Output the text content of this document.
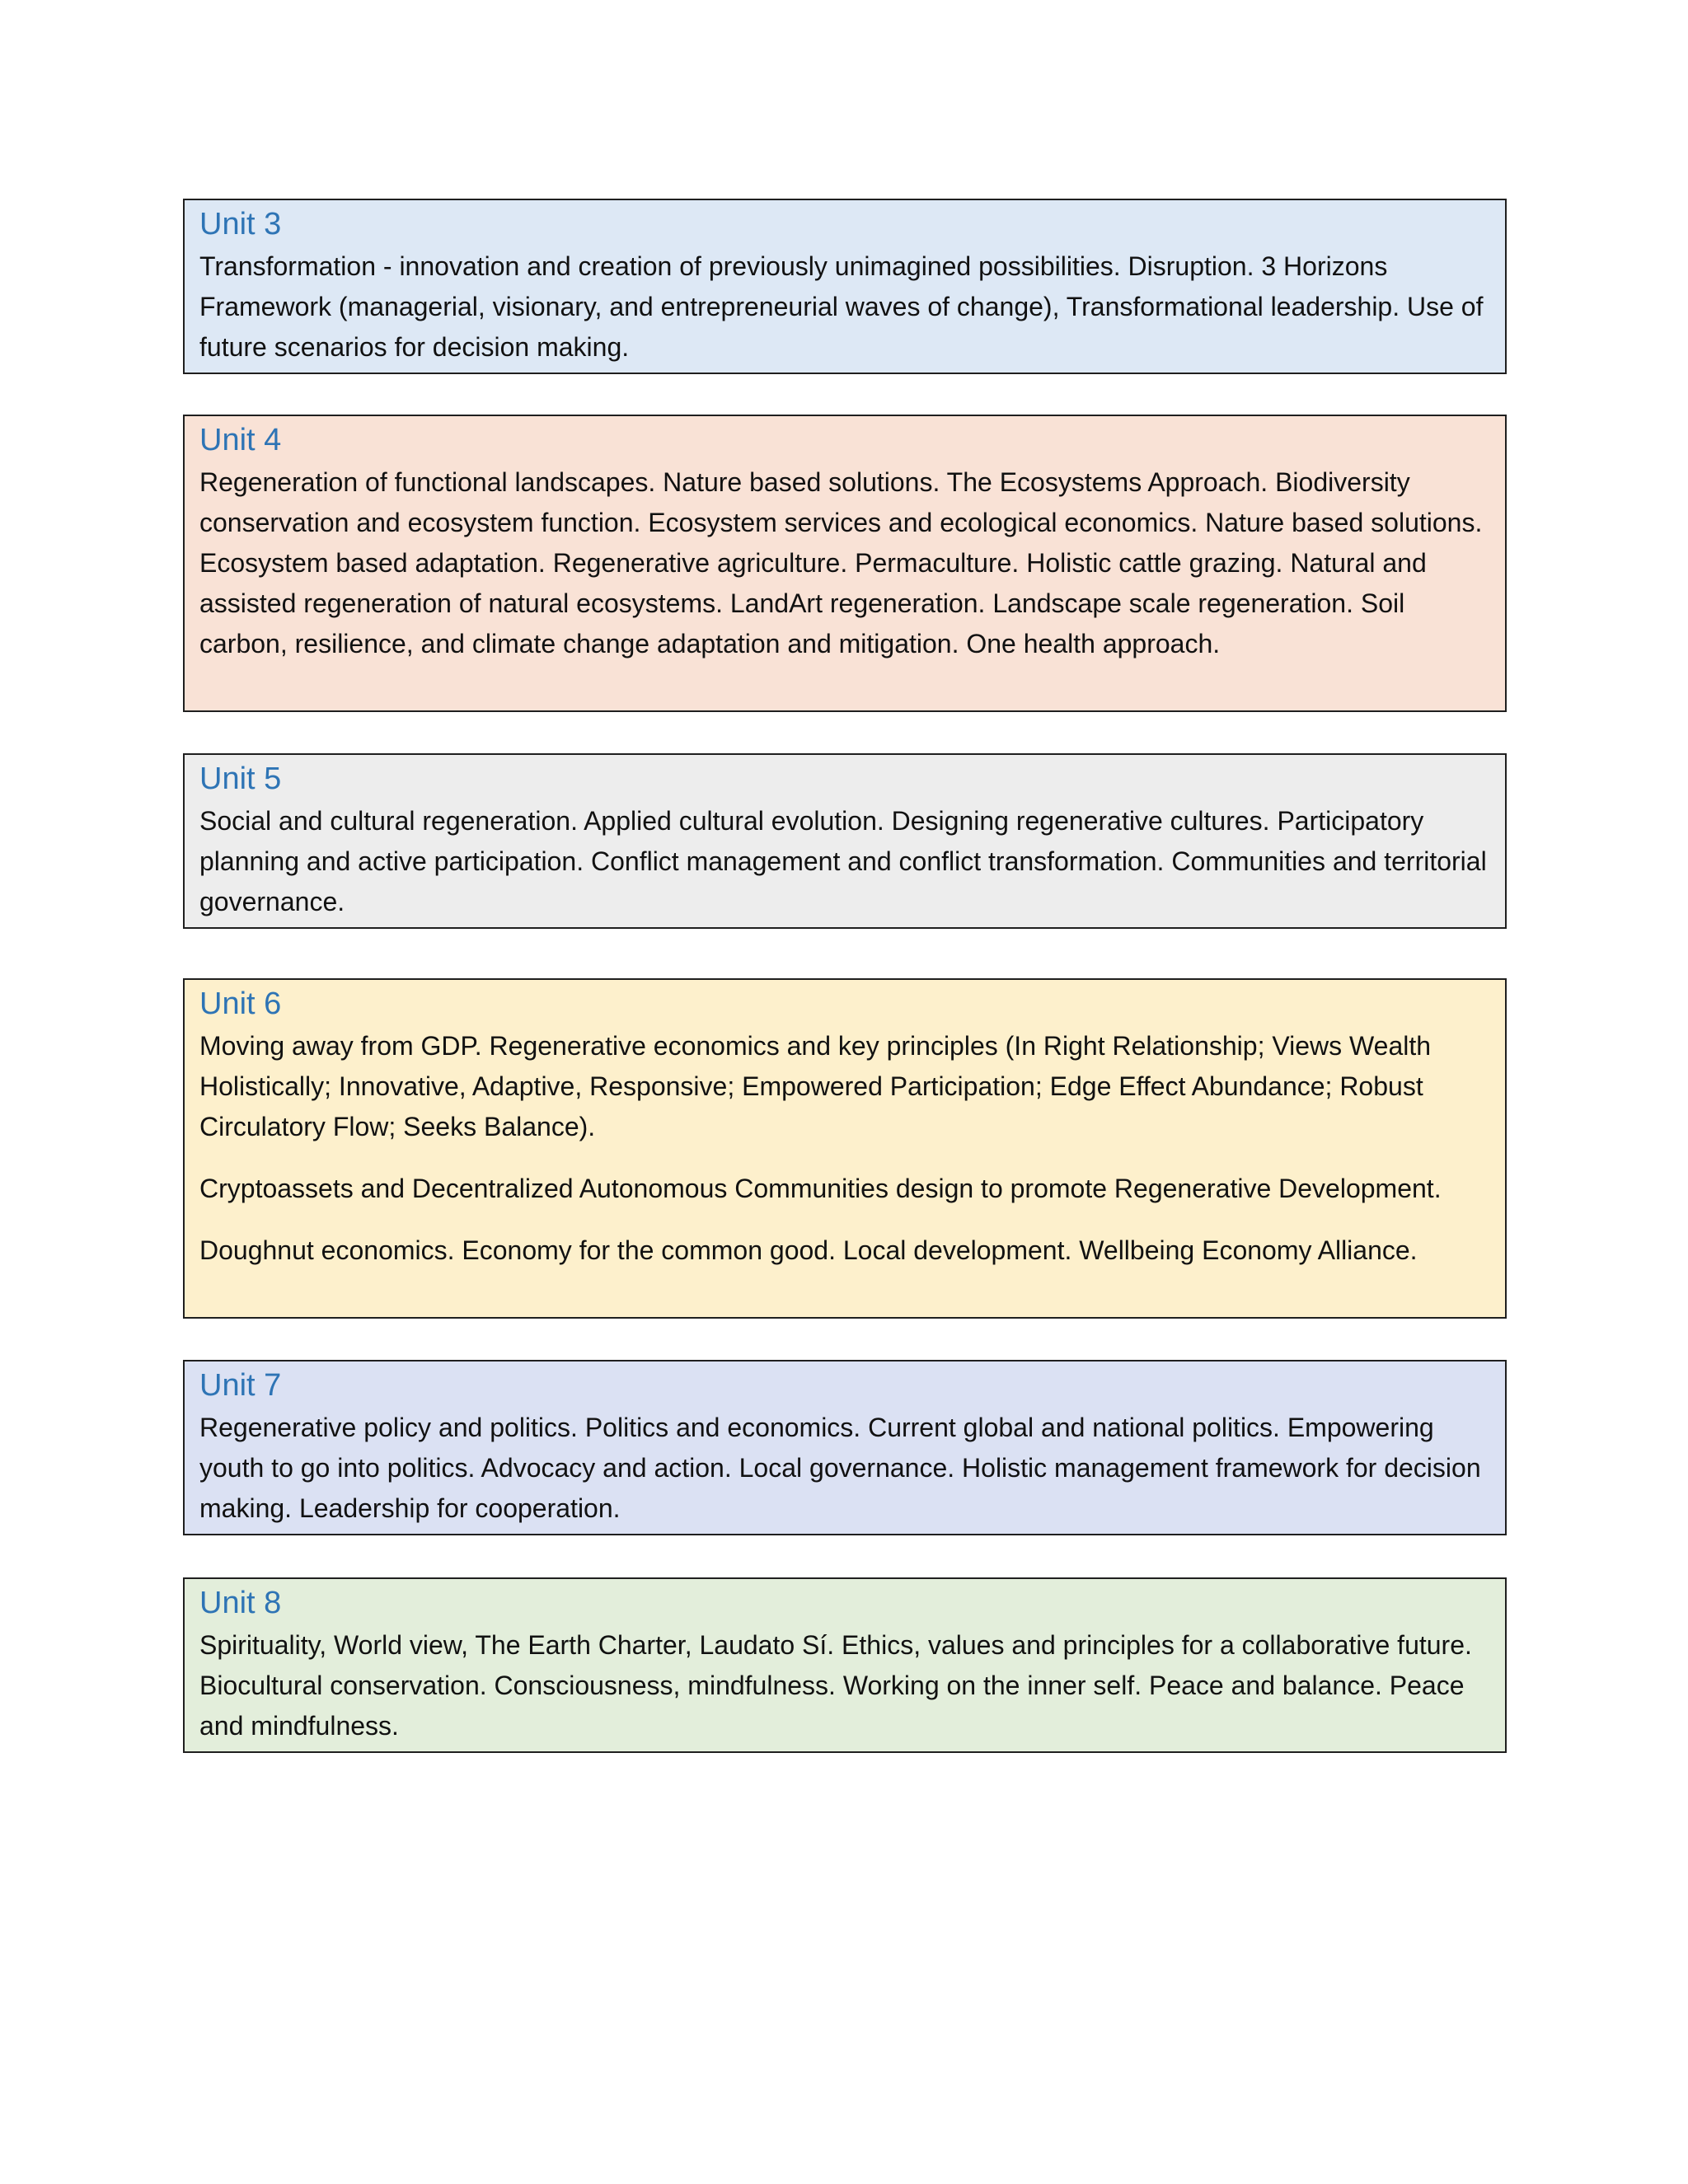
Unit 3

Transformation - innovation and creation of previously unimagined possibilities. Disruption. 3 Horizons Framework (managerial, visionary, and entrepreneurial waves of change), Transformational leadership. Use of future scenarios for decision making.

Unit 4

Regeneration of functional landscapes. Nature based solutions. The Ecosystems Approach. Biodiversity conservation and ecosystem function. Ecosystem services and ecological economics. Nature based solutions. Ecosystem based adaptation. Regenerative agriculture. Permaculture. Holistic cattle grazing. Natural and assisted regeneration of natural ecosystems. LandArt regeneration. Landscape scale regeneration. Soil carbon, resilience, and climate change adaptation and mitigation. One health approach.

Unit 5

Social and cultural regeneration. Applied cultural evolution. Designing regenerative cultures. Participatory planning and active participation. Conflict management and conflict transformation. Communities and territorial governance.

Unit 6

Moving away from GDP. Regenerative economics and key principles (In Right Relationship; Views Wealth Holistically; Innovative, Adaptive, Responsive; Empowered Participation; Edge Effect Abundance; Robust Circulatory Flow; Seeks Balance).

Cryptoassets and Decentralized Autonomous Communities design to promote Regenerative Development.

Doughnut economics. Economy for the common good. Local development. Wellbeing Economy Alliance.

Unit 7

Regenerative policy and politics. Politics and economics. Current global and national politics. Empowering youth to go into politics. Advocacy and action. Local governance. Holistic management framework for decision making. Leadership for cooperation.

Unit 8

Spirituality, World view, The Earth Charter, Laudato Sí. Ethics, values and principles for a collaborative future. Biocultural conservation. Consciousness, mindfulness. Working on the inner self. Peace and balance. Peace and mindfulness.
